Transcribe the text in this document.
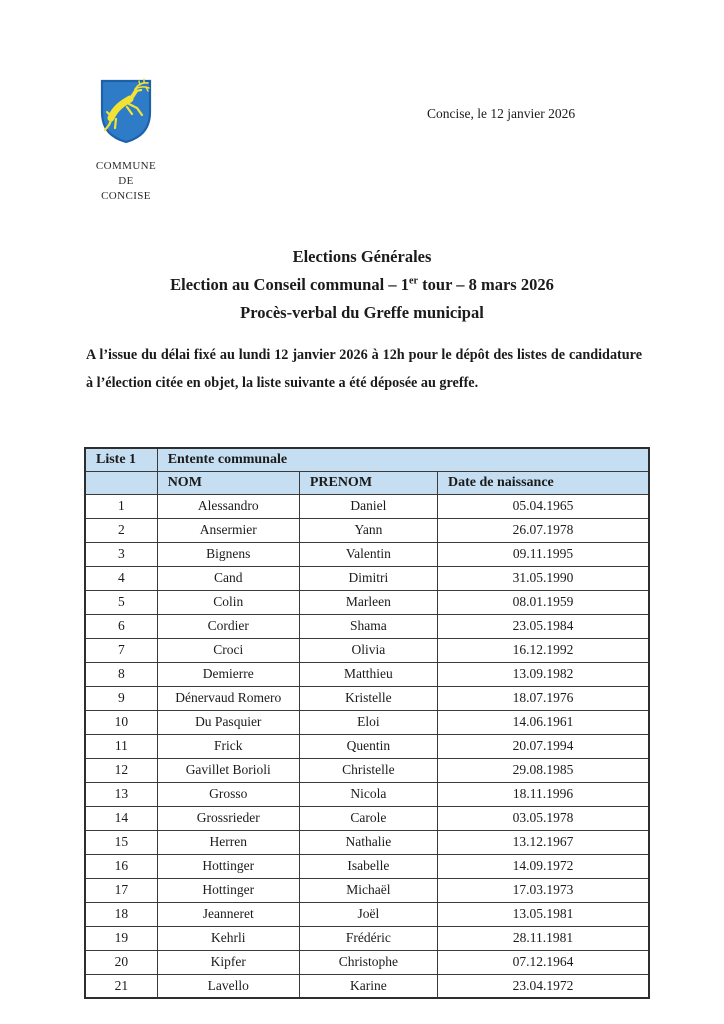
COMMUNE
DE
CONCISE
Concise, le 12 janvier 2026
Elections Générales
Election au Conseil communal – 1er tour – 8 mars 2026
Procès-verbal du Greffe municipal

A l’issue du délai fixé au lundi 12 janvier 2026 à 12h pour le dépôt des listes de candidature à l’élection citée en objet, la liste suivante a été déposée au greffe.

Liste 1	Entente communale		
	NOM	PRENOM	Date de naissance
1	Alessandro	Daniel	05.04.1965
2	Ansermier	Yann	26.07.1978
3	Bignens	Valentin	09.11.1995
4	Cand	Dimitri	31.05.1990
5	Colin	Marleen	08.01.1959
6	Cordier	Shama	23.05.1984
7	Croci	Olivia	16.12.1992
8	Demierre	Matthieu	13.09.1982
9	Dénervaud Romero	Kristelle	18.07.1976
10	Du Pasquier	Eloi	14.06.1961
11	Frick	Quentin	20.07.1994
12	Gavillet Borioli	Christelle	29.08.1985
13	Grosso	Nicola	18.11.1996
14	Grossrieder	Carole	03.05.1978
15	Herren	Nathalie	13.12.1967
16	Hottinger	Isabelle	14.09.1972
17	Hottinger	Michaël	17.03.1973
18	Jeanneret	Joël	13.05.1981
19	Kehrli	Frédéric	28.11.1981
20	Kipfer	Christophe	07.12.1964
21	Lavello	Karine	23.04.1972
